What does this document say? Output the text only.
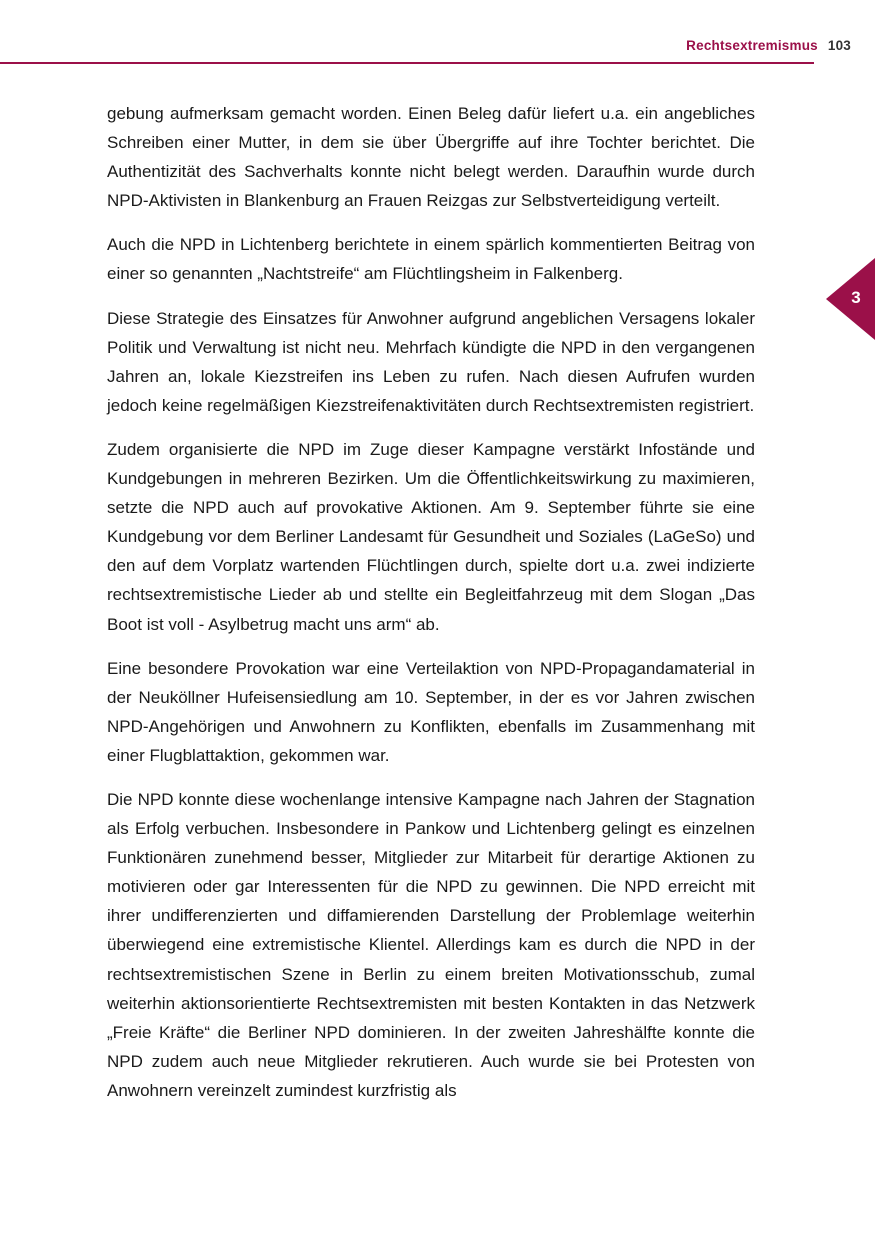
Rechtsextremismus 103
3

gebung aufmerksam gemacht worden. Einen Beleg dafür liefert u.a. ein angebliches Schreiben einer Mutter, in dem sie über Übergriffe auf ihre Tochter berichtet. Die Authentizität des Sachverhalts konnte nicht belegt werden. Daraufhin wurde durch NPD-Aktivisten in Blankenburg an Frauen Reizgas zur Selbstverteidigung verteilt.

Auch die NPD in Lichtenberg berichtete in einem spärlich kommentierten Beitrag von einer so genannten „Nachtstreife“ am Flüchtlingsheim in Falkenberg.

Diese Strategie des Einsatzes für Anwohner aufgrund angeblichen Versagens lokaler Politik und Verwaltung ist nicht neu. Mehrfach kündigte die NPD in den vergangenen Jahren an, lokale Kiezstreifen ins Leben zu rufen. Nach diesen Aufrufen wurden jedoch keine regelmäßigen Kiezstreifenaktivitäten durch Rechtsextremisten registriert.

Zudem organisierte die NPD im Zuge dieser Kampagne verstärkt Infostände und Kundgebungen in mehreren Bezirken. Um die Öffentlichkeitswirkung zu maximieren, setzte die NPD auch auf provokative Aktionen. Am 9. September führte sie eine Kundgebung vor dem Berliner Landesamt für Gesundheit und Soziales (LaGeSo) und den auf dem Vorplatz wartenden Flüchtlingen durch, spielte dort u.a. zwei indizierte rechtsextremistische Lieder ab und stellte ein Begleitfahrzeug mit dem Slogan „Das Boot ist voll - Asylbetrug macht uns arm“ ab.

Eine besondere Provokation war eine Verteilaktion von NPD-Propagandamaterial in der Neuköllner Hufeisensiedlung am 10. September, in der es vor Jahren zwischen NPD-Angehörigen und Anwohnern zu Konflikten, ebenfalls im Zusammenhang mit einer Flugblattaktion, gekommen war.

Die NPD konnte diese wochenlange intensive Kampagne nach Jahren der Stagnation als Erfolg verbuchen. Insbesondere in Pankow und Lichtenberg gelingt es einzelnen Funktionären zunehmend besser, Mitglieder zur Mitarbeit für derartige Aktionen zu motivieren oder gar Interessenten für die NPD zu gewinnen. Die NPD erreicht mit ihrer undifferenzierten und diffamierenden Darstellung der Problemlage weiterhin überwiegend eine extremistische Klientel. Allerdings kam es durch die NPD in der rechtsextremistischen Szene in Berlin zu einem breiten Motivationsschub, zumal weiterhin aktionsorientierte Rechtsextremisten mit besten Kontakten in das Netzwerk „Freie Kräfte“ die Berliner NPD dominieren. In der zweiten Jahreshälfte konnte die NPD zudem auch neue Mitglieder rekrutieren. Auch wurde sie bei Protesten von Anwohnern vereinzelt zumindest kurzfristig als
